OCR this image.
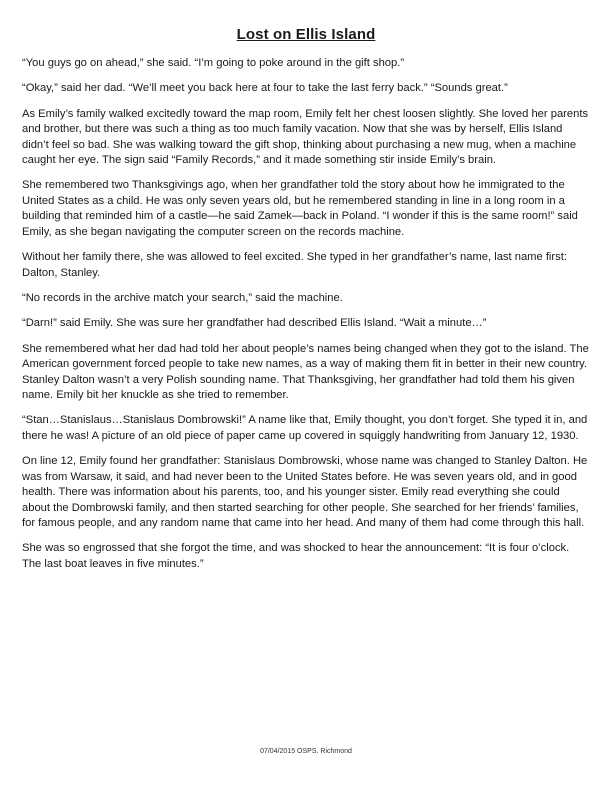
Lost on Ellis Island

“You guys go on ahead,” she said. “I’m going to poke around in the gift shop.”

“Okay,” said her dad. “We’ll meet you back here at four to take the last ferry back.” “Sounds great.”

As Emily’s family walked excitedly toward the map room, Emily felt her chest loosen slightly. She loved her parents and brother, but there was such a thing as too much family vacation. Now that she was by herself, Ellis Island didn’t feel so bad. She was walking toward the gift shop, thinking about purchasing a new mug, when a machine caught her eye. The sign said “Family Records,” and it made something stir inside Emily’s brain.

She remembered two Thanksgivings ago, when her grandfather told the story about how he immigrated to the United States as a child. He was only seven years old, but he remembered standing in line in a long room in a building that reminded him of a castle—he said Zamek—back in Poland. “I wonder if this is the same room!” said Emily, as she began navigating the computer screen on the records machine.

Without her family there, she was allowed to feel excited. She typed in her grandfather’s name, last name first: Dalton, Stanley.

“No records in the archive match your search,” said the machine.

“Darn!” said Emily. She was sure her grandfather had described Ellis Island. “Wait a minute…”

She remembered what her dad had told her about people’s names being changed when they got to the island. The American government forced people to take new names, as a way of making them fit in better in their new country. Stanley Dalton wasn’t a very Polish sounding name. That Thanksgiving, her grandfather had told them his given name. Emily bit her knuckle as she tried to remember.

“Stan…Stanislaus…Stanislaus Dombrowski!” A name like that, Emily thought, you don’t forget. She typed it in, and there he was! A picture of an old piece of paper came up covered in squiggly handwriting from January 12, 1930.

On line 12, Emily found her grandfather: Stanislaus Dombrowski, whose name was changed to Stanley Dalton. He was from Warsaw, it said, and had never been to the United States before. He was seven years old, and in good health. There was information about his parents, too, and his younger sister. Emily read everything she could about the Dombrowski family, and then started searching for other people. She searched for her friends’ families, for famous people, and any random name that came into her head. And many of them had come through this hall.

She was so engrossed that she forgot the time, and was shocked to hear the announcement: “It is four o’clock. The last boat leaves in five minutes.”

07/04/2015 OSPS. Richmond
